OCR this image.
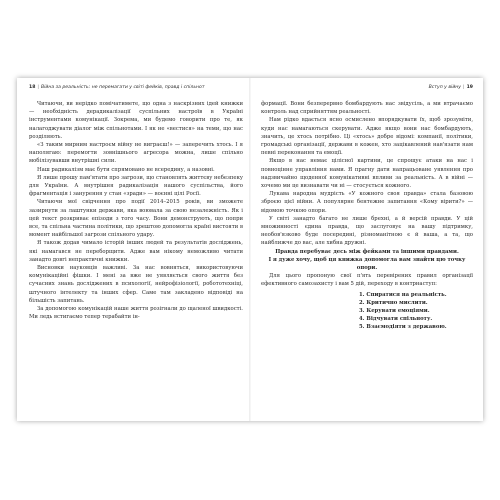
18 | Війна за реальність: не перемагати у світі фейків, правд і спільнот

Читаючи, ви нерідко помічатимете, що одна з наскрізних ідей книжки — необхідність дерадикалізації суспільних настроїв в Україні інструментами комунікації. Зокрема, ми будемо говорити про те, як налагоджувати діалог між спільнотами. І як не «вестися» на теми, що нас розділяють.

«З таким мирним настроєм війну не виграєш!» — заперечить хтось. І я наполягаю: перемогти зовнішнього агресора можна, лише спільно мобілізувавши внутрішні сили.

Наш радикалізм має бути спрямовано не всередину, а назовні.

Я лише прошу пам'ятати про загрози, що становлять життєву небезпеку для України. А внутрішня радикалізація нашого суспільства, його фрагментація і занурення у стан «зради» — воєнні цілі Росії.

Читаючи мої свідчення про події 2014–2015 років, ви зможете зазирнути за лаштунки держави, яка воювала за свою незалежність. Як і цей текст розкриває епізоди з того часу. Вони демонструють, що попри все, та спільна частина політики, що зрештою допомогла країні вистояти в момент найбільшої загрози спільного удару.

Я також додав чимало історій інших людей та результатів досліджень, які намагався не переборщити. Адже вам нікому неможливо читати занадто довгі непрактичні книжки.

Висновки науковців важливі. За нас вовняться, використовуючи комунікаційні фішки. І мені за вже не уявляється свого життя без сучасних знань досліджених в психології, нейрофізіології, робототехніці, штучного інтелекту та інших сфер. Саме там закладено відповіді на більшість запитань.

За допомогою комунікацій наше життя розігнали до щаленої швидкості. Ми ледь встигаємо тепер терабайти ін-

Вступ у війну | 19

формації. Вони безперервно бомбардують нас звідусіль, а ми втрачаємо контроль над сприйняттям реальності.

Нам рідко вдається ясно осмислено впорядкувати їх, щоб зрозуміти, куди нас намагаються скерувати. Адже якщо вони нас бомбардують, значить, це хтось потрібно. Ці «хтось» добре відомі: компанії, політики, громадські організації, держави в кожен, хто зацікавлений нав'язати нам певні переконання та емоції.

Якщо в нас немає цілісної картини, це спрощує атаки на нас і повноцінне управління нами. Я прагну дати напрацьоване уявлення про надзвичайно щоденної комунікативні впливи за реальність. А в війні — хочемо ми це визнавати чи ні — стосується кожного.

Лукава народна мудрість «У кожного своя правда» стала базовою зброєю цієї війни. А популярне бентежне запитання «Кому вірити?» — відомою точкою опори.

У світі занадто багато не лише брехні, а й версій правди. У цій множинності єдина правда, що заслуговує на вашу підтримку, необов'язково буде посередині, різноманітною є й ваша, а та, що найближче до вас, але хибна дружні.

Правда перебуває десь між фейками та іншими правдами.

І я дуже хочу, щоб ця книжка допомогла вам знайти цю точку опори.

Для цього пропоную свої п'ять перевірених правил організації ефективного самозахисту і вам 5 дій, переходу в контрнаступ:

1. Спиратися на реальність.
2. Критично мислити.
3. Керувати емоціями.
4. Відчувати спільноту.
5. Взаємодіяти з державою.
